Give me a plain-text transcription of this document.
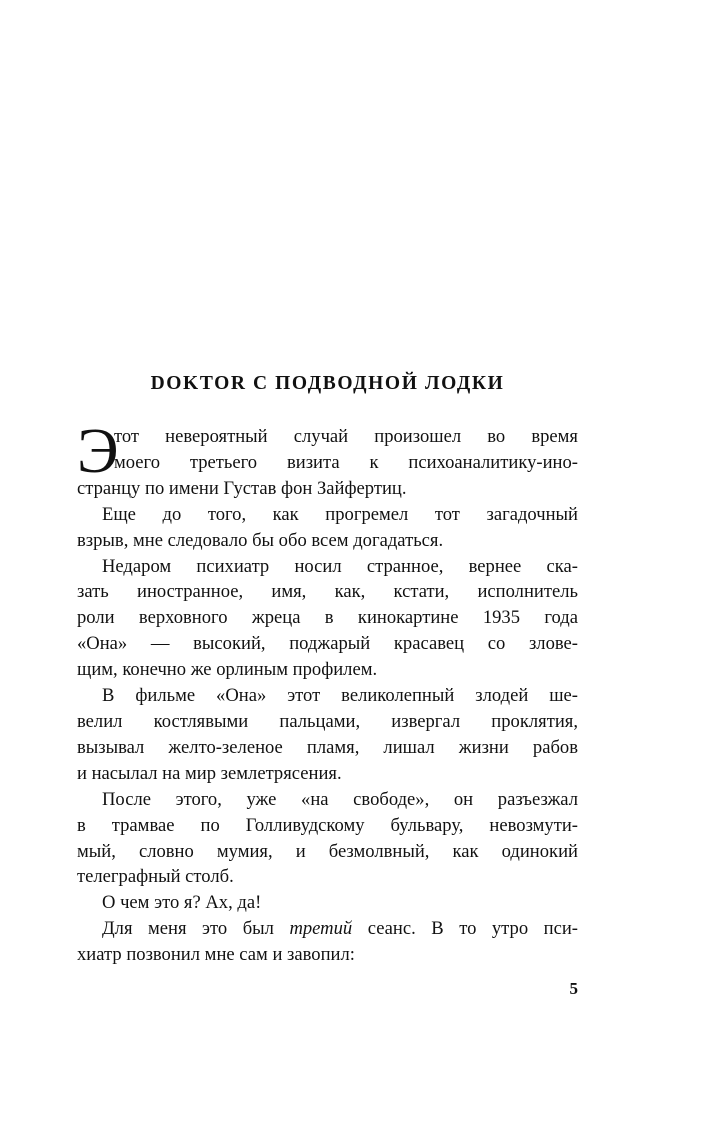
DOKTOR С ПОДВОДНОЙ ЛОДКИ
Э
тот невероятный случай произошел во время
моего третьего визита к психоаналитику-ино-
странцу по имени Густав фон Зайфертиц.
Еще до того, как прогремел тот загадочный
взрыв, мне следовало бы обо всем догадаться.
Недаром психиатр носил странное, вернее ска-
зать иностранное, имя, как, кстати, исполнитель
роли верховного жреца в кинокартине 1935 года
«Она» — высокий, поджарый красавец со злове-
щим, конечно же орлиным профилем.
В фильме «Она» этот великолепный злодей ше-
велил костлявыми пальцами, извергал проклятия,
вызывал желто-зеленое пламя, лишал жизни рабов
и насылал на мир землетрясения.
После этого, уже «на свободе», он разъезжал
в трамвае по Голливудскому бульвару, невозмути-
мый, словно мумия, и безмолвный, как одинокий
телеграфный столб.
О чем это я? Ах, да!
Для меня это был третий сеанс. В то утро пси-
хиатр позвонил мне сам и завопил:
5
